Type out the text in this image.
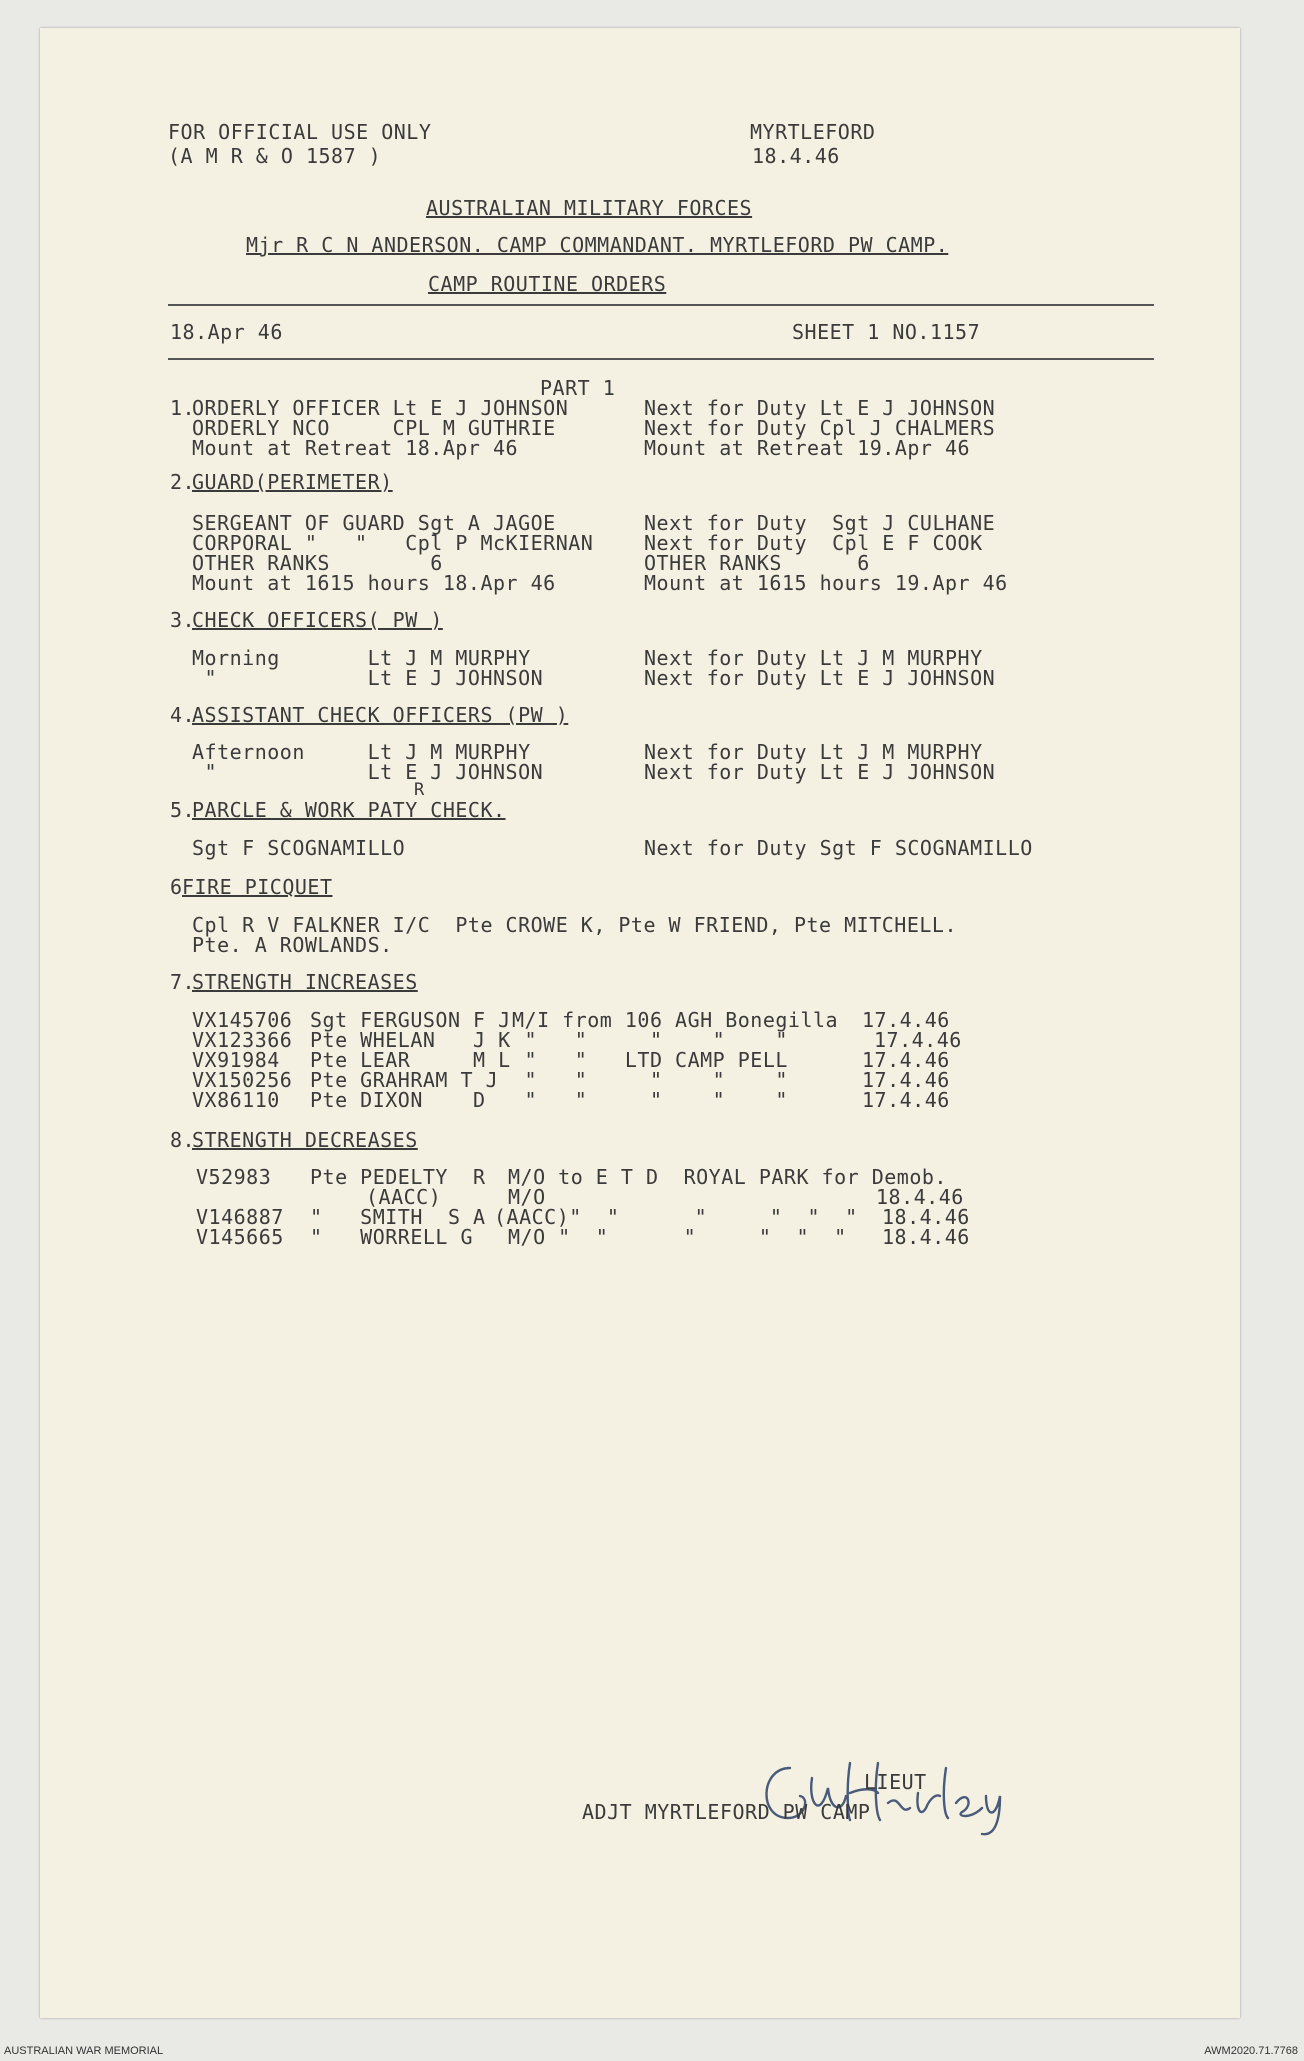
FOR OFFICIAL USE ONLY
(A M R & O 1587 )
MYRTLEFORD
18.4.46
AUSTRALIAN MILITARY FORCES
Mjr R C N ANDERSON. CAMP COMMANDANT. MYRTLEFORD PW CAMP.
CAMP ROUTINE ORDERS
18.Apr 46	SHEET 1 NO.1157
PART 1
1.
ORDERLY OFFICER Lt E J JOHNSON	Next for Duty Lt E J JOHNSON
ORDERLY NCO     CPL M GUTHRIE	Next for Duty Cpl J CHALMERS
Mount at Retreat 18.Apr 46	Mount at Retreat 19.Apr 46
2.
GUARD(PERIMETER)
SERGEANT OF GUARD Sgt A JAGOE	Next for Duty  Sgt J CULHANE
CORPORAL "   "   Cpl P McKIERNAN	Next for Duty  Cpl E F COOK
OTHER RANKS        6	OTHER RANKS      6
Mount at 1615 hours 18.Apr 46	Mount at 1615 hours 19.Apr 46
3.
CHECK OFFICERS( PW )
Morning       Lt J M MURPHY	Next for Duty Lt J M MURPHY
"            Lt E J JOHNSON	Next for Duty Lt E J JOHNSON
4.
ASSISTANT CHECK OFFICERS (PW )
Afternoon     Lt J M MURPHY	Next for Duty Lt J M MURPHY
"            Lt E J JOHNSON	Next for Duty Lt E J JOHNSON
R
5.
PARCLE & WORK PATY CHECK.
Sgt F SCOGNAMILLO	Next for Duty Sgt F SCOGNAMILLO
6 FIRE PICQUET
Cpl R V FALKNER I/C  Pte CROWE K, Pte W FRIEND, Pte MITCHELL.
Pte. A ROWLANDS.
7.
STRENGTH INCREASES
VX145706 Sgt FERGUSON F J M/I from 106 AGH Bonegilla 17.4.46
VX123366 Pte WHELAN   J K "   "     "    "    "	17.4.46
VX91984 Pte LEAR     M L "   "   LTD CAMP PELL	17.4.46
VX150256 Pte GRAHRAM T J "   "     "    "    "	17.4.46
VX86110 Pte DIXON    D "   "     "    "    "	17.4.46
8.
STRENGTH DECREASES
V52983 Pte PEDELTY  R M/O to E T D  ROYAL PARK for Demob.
(AACC)	M/O	18.4.46
V146887 "   SMITH  S A (AACC)"  "      "     "  "  " 18.4.46
V145665 "   WORRELL G M/O "  "      "     "  "  " 18.4.46
LIEUT
ADJT MYRTLEFORD PW CAMP
AUSTRALIAN WAR MEMORIAL	AWM2020.71.7768
